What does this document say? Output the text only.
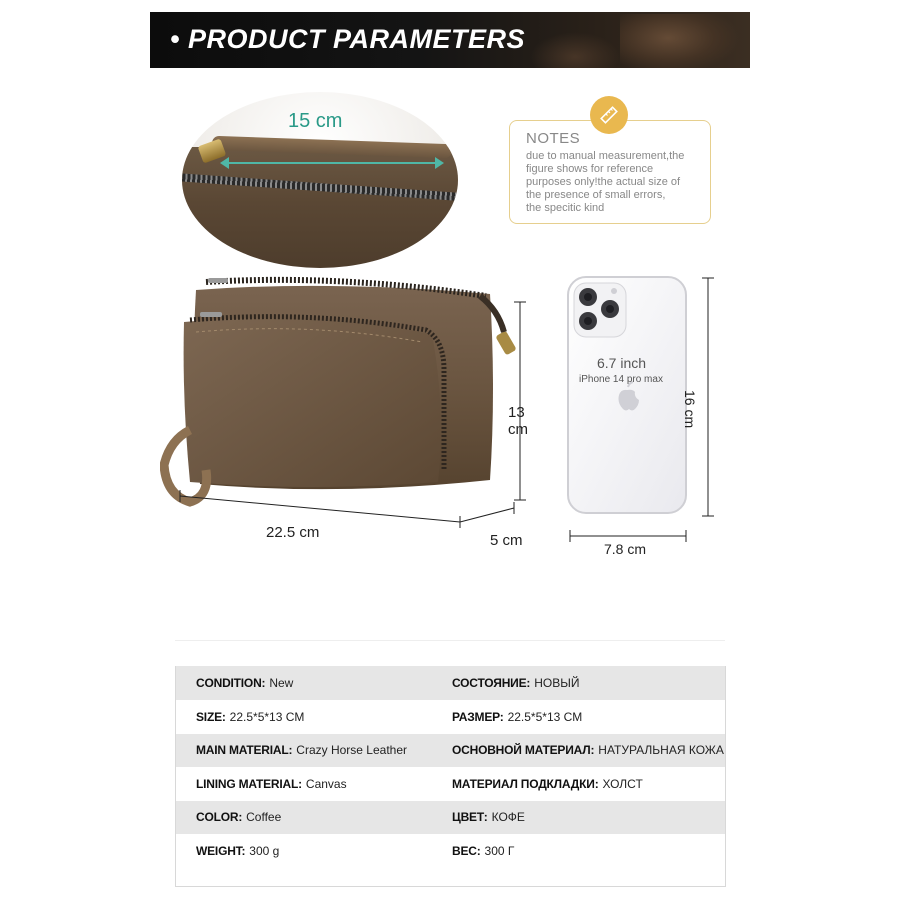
• PRODUCT PARAMETERS
15 cm
NOTES
due to manual measurement,the
figure shows for reference
purposes only!the actual size of
the presence of small errors,
the specitic kind
22.5 cm	5 cm
13
cm
6.7 inch
iPhone 14 pro max
7.8 cm
16 cm
CONDITION: New	СОСТОЯНИЕ: НОВЫЙ
SIZE: 22.5*5*13 CM	РАЗМЕР: 22.5*5*13 CM
MAIN MATERIAL: Crazy Horse Leather	ОСНОВНОЙ МАТЕРИАЛ: НАТУРАЛЬНАЯ КОЖА
LINING MATERIAL: Canvas	МАТЕРИАЛ ПОДКЛАДКИ: ХОЛСТ
COLOR: Coffee	ЦВЕТ: КОФЕ
WEIGHT: 300 g	ВЕС: 300 Г
